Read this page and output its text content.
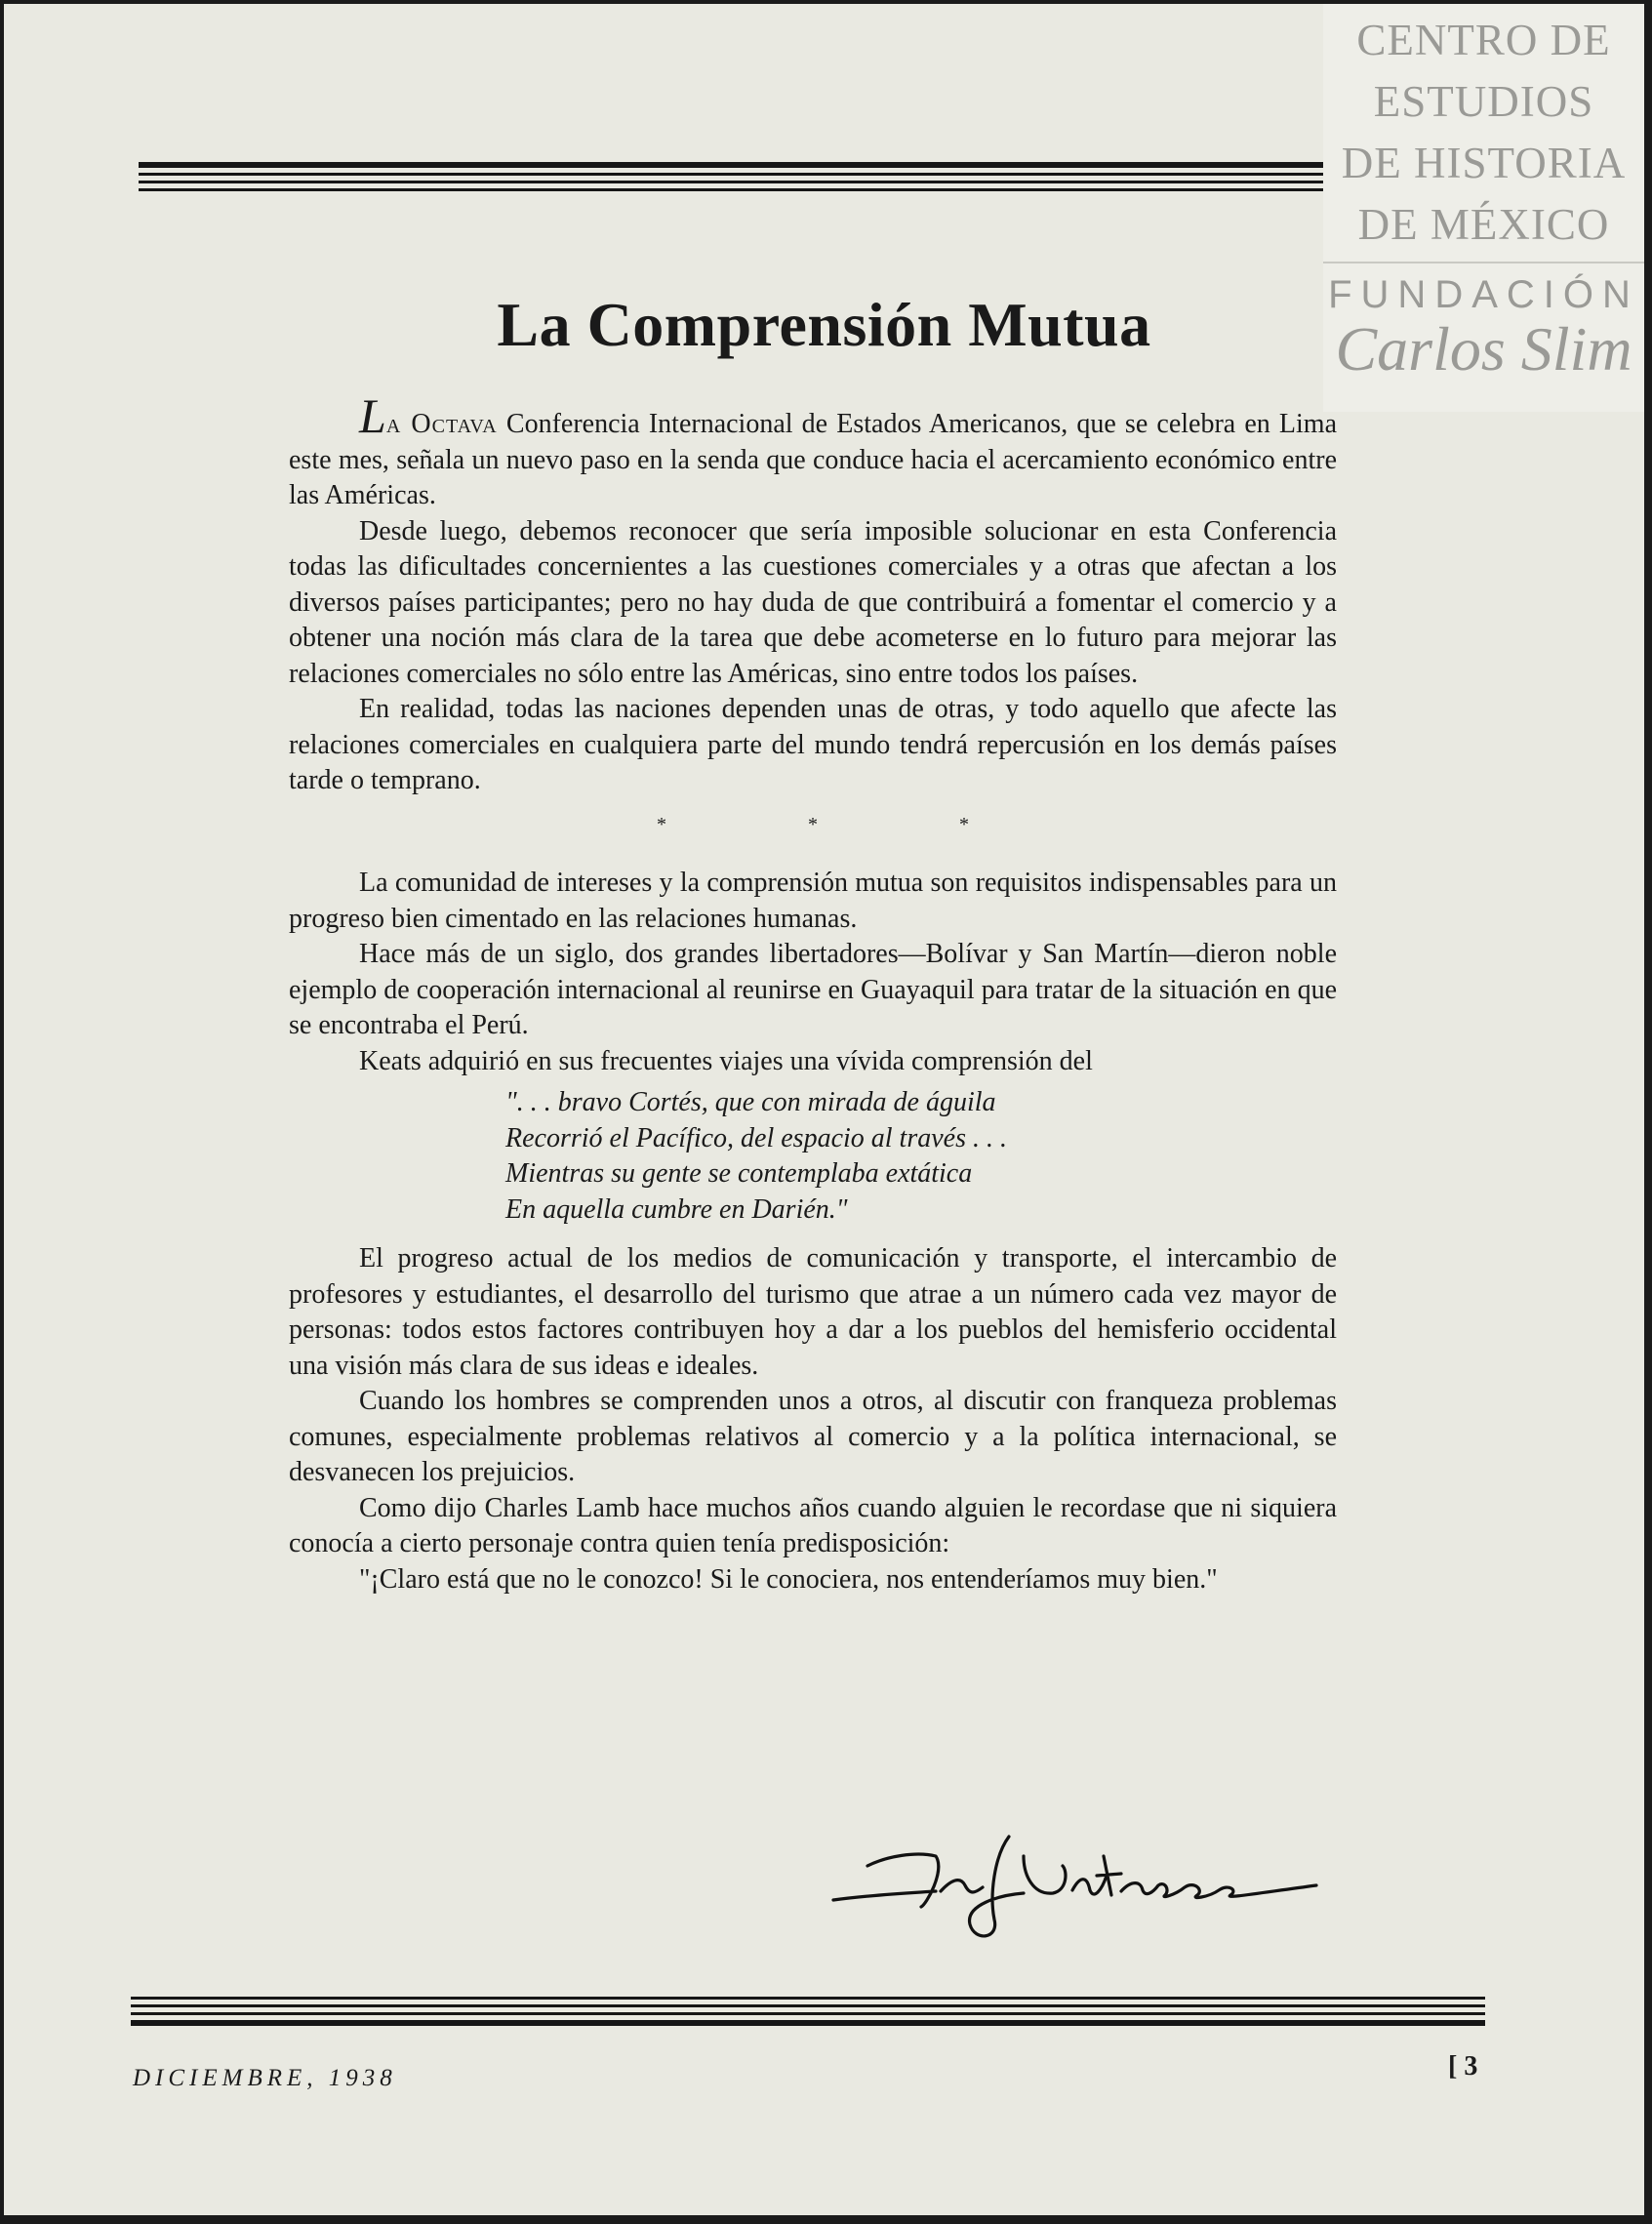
CENTRO DE
ESTUDIOS
DE HISTORIA
DE MÉXICO
FUNDACIÓN
Carlos Slim
La Comprensión Mutua

La Octava Conferencia Internacional de Estados Americanos, que se celebra en Lima este mes, señala un nuevo paso en la senda que conduce hacia el acercamiento económico entre las Américas.

Desde luego, debemos reconocer que sería imposible solucionar en esta Conferencia todas las dificultades concernientes a las cuestiones comerciales y a otras que afectan a los diversos países participantes; pero no hay duda de que contribuirá a fomentar el comercio y a obtener una noción más clara de la tarea que debe acometerse en lo futuro para mejorar las relaciones comerciales no sólo entre las Américas, sino entre todos los países.

En realidad, todas las naciones dependen unas de otras, y todo aquello que afecte las relaciones comerciales en cualquiera parte del mundo tendrá repercusión en los demás países tarde o temprano.

* * *

La comunidad de intereses y la comprensión mutua son requisitos indispensables para un progreso bien cimentado en las relaciones humanas.

Hace más de un siglo, dos grandes libertadores—Bolívar y San Martín—dieron noble ejemplo de cooperación internacional al reunirse en Guayaquil para tratar de la situación en que se encontraba el Perú.

Keats adquirió en sus frecuentes viajes una vívida comprensión del

". . . bravo Cortés, que con mirada de águila
Recorrió el Pacífico, del espacio al través . . .
Mientras su gente se contemplaba extática
En aquella cumbre en Darién."

El progreso actual de los medios de comunicación y transporte, el intercambio de profesores y estudiantes, el desarrollo del turismo que atrae a un número cada vez mayor de personas: todos estos factores contribuyen hoy a dar a los pueblos del hemisferio occidental una visión más clara de sus ideas e ideales.

Cuando los hombres se comprenden unos a otros, al discutir con franqueza problemas comunes, especialmente problemas relativos al comercio y a la política internacional, se desvanecen los prejuicios.

Como dijo Charles Lamb hace muchos años cuando alguien le recordase que ni siquiera conocía a cierto personaje contra quien tenía predisposición:

"¡Claro está que no le conozco! Si le conociera, nos entenderíamos muy bien."

DICIEMBRE, 1938	[ 3
